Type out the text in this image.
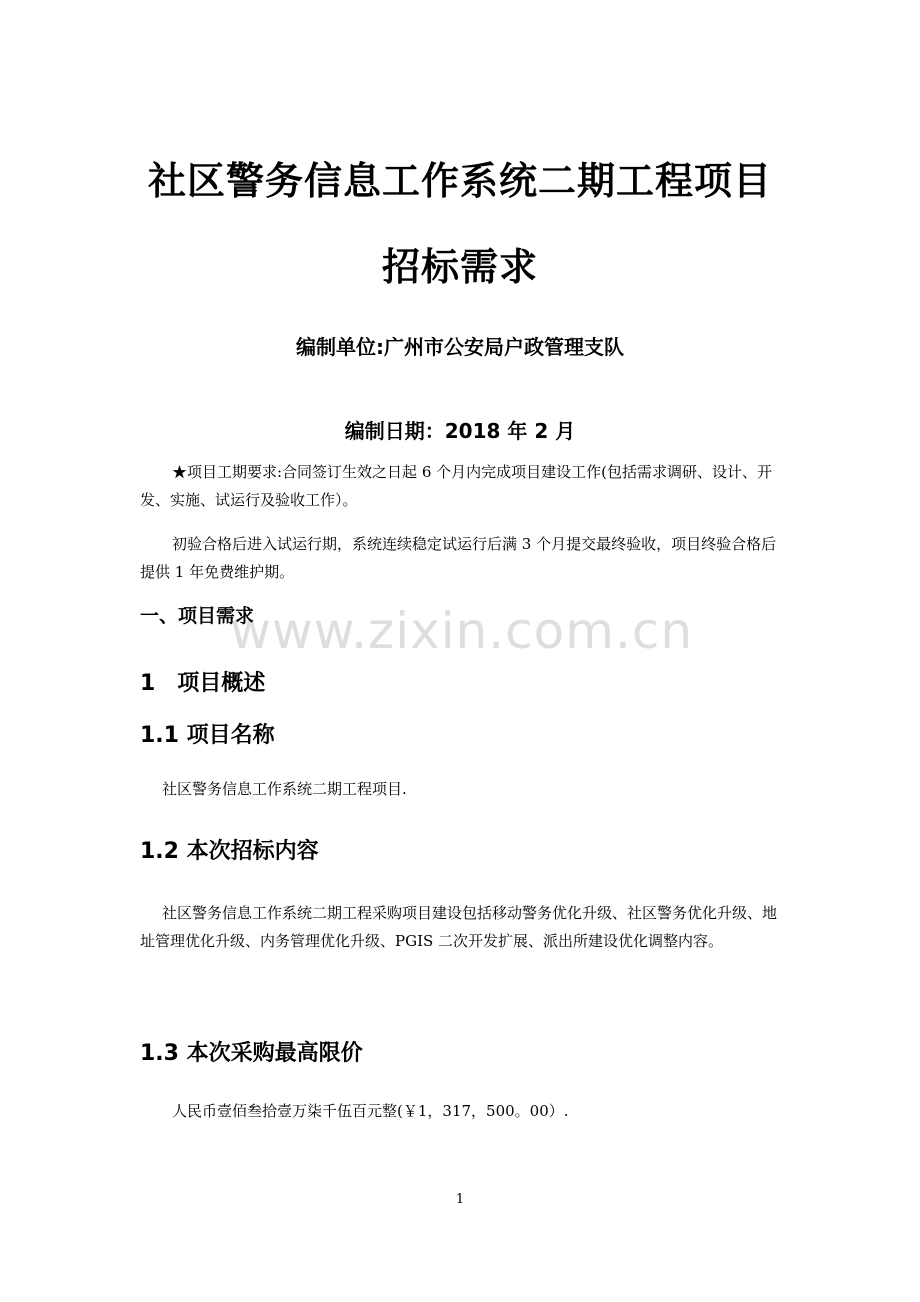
www.zixin.com.cn
社区警务信息工作系统二期工程项目
招标需求
编制单位:广州市公安局户政管理支队
编制日期：2018 年 2 月
★项目工期要求:合同签订生效之日起 6 个月内完成项目建设工作(包括需求调研、设计、开发、实施、试运行及验收工作）。
初验合格后进入试运行期，系统连续稳定试运行后满 3 个月提交最终验收，项目终验合格后提供 1 年免费维护期。
一、项目需求
1　项目概述
1.1 项目名称
社区警务信息工作系统二期工程项目.
1.2 本次招标内容
社区警务信息工作系统二期工程采购项目建设包括移动警务优化升级、社区警务优化升级、地址管理优化升级、内务管理优化升级、PGIS 二次开发扩展、派出所建设优化调整内容。
1.3 本次采购最高限价
人民币壹佰叁拾壹万柒千伍百元整(￥1，317，500。00）.
1
